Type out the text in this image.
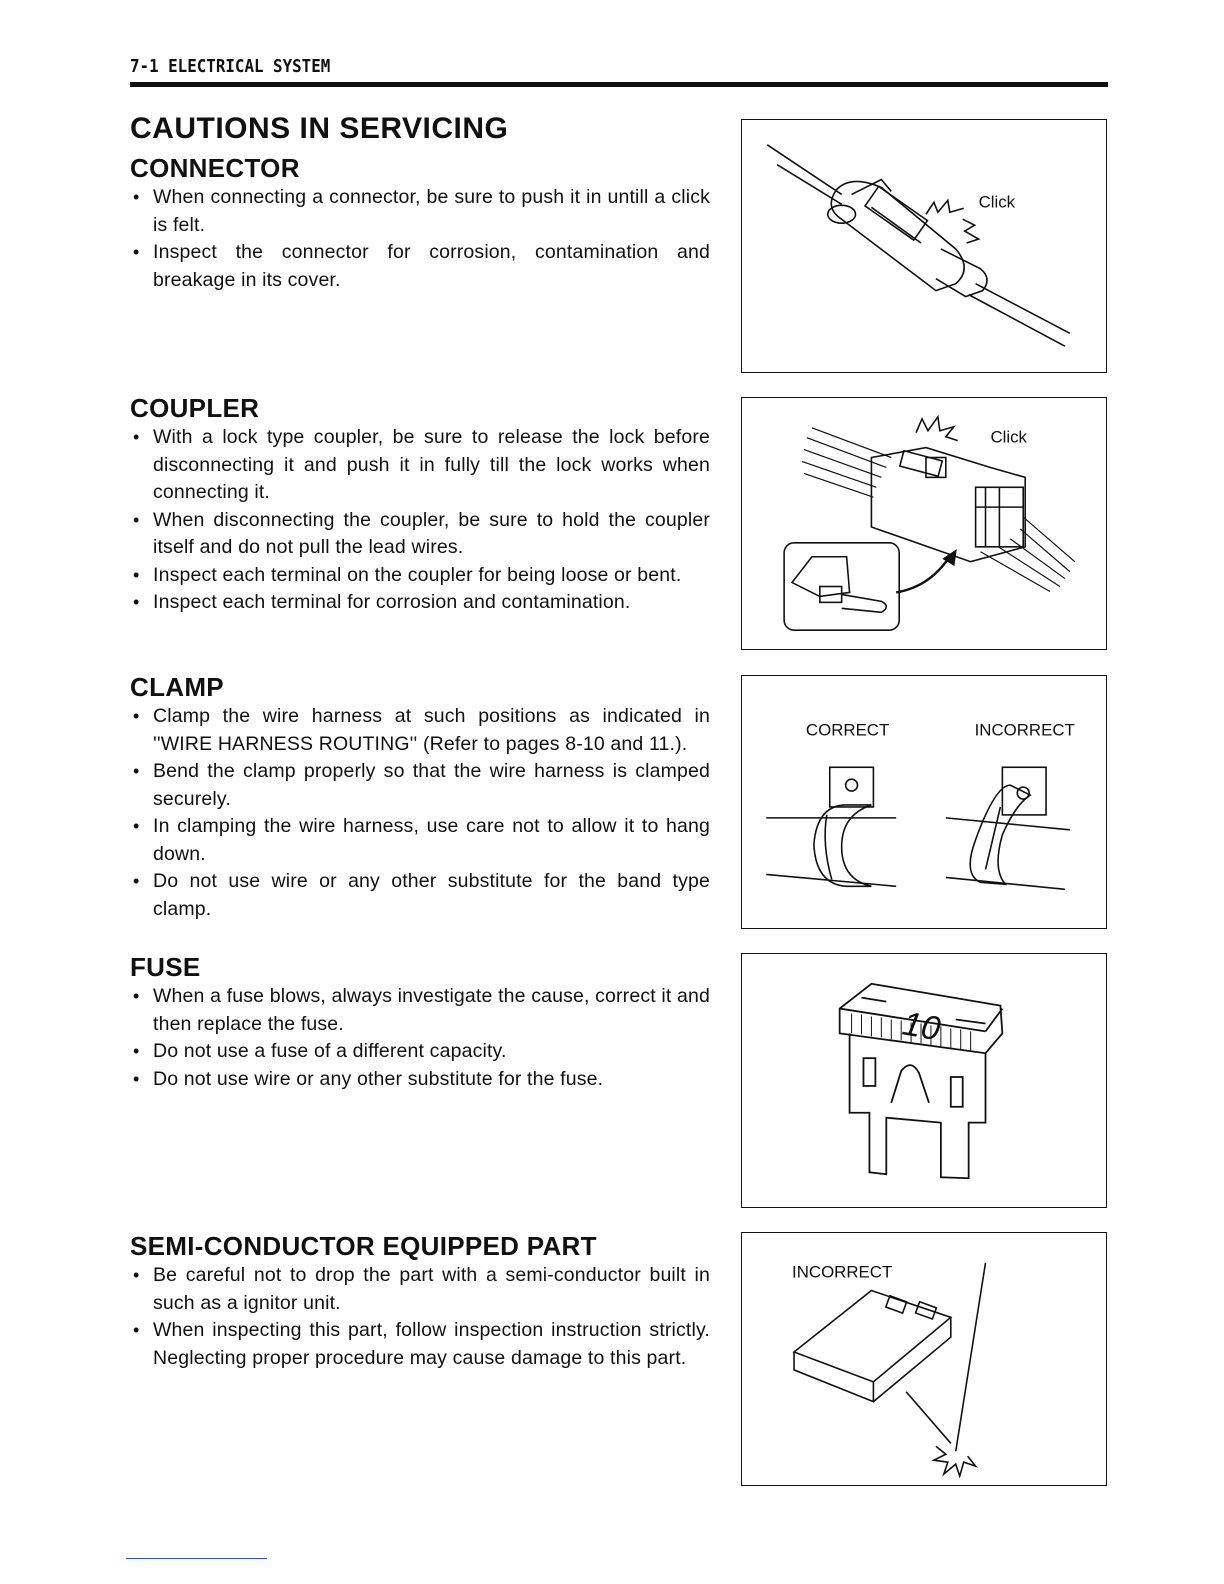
7-1 ELECTRICAL SYSTEM
CAUTIONS IN SERVICING
CONNECTOR
• When connecting a connector, be sure to push it in untill a click is felt.
• Inspect the connector for corrosion, contamination and breakage in its cover.
COUPLER
• With a lock type coupler, be sure to release the lock before disconnecting it and push it in fully till the lock works when connecting it.
• When disconnecting the coupler, be sure to hold the coupler itself and do not pull the lead wires.
• Inspect each terminal on the coupler for being loose or bent.
• Inspect each terminal for corrosion and contamination.
CLAMP
• Clamp the wire harness at such positions as indicated in ''WIRE HARNESS ROUTING'' (Refer to pages 8-10 and 11.).
• Bend the clamp properly so that the wire harness is clamped securely.
• In clamping the wire harness, use care not to allow it to hang down.
• Do not use wire or any other substitute for the band type clamp.
FUSE
• When a fuse blows, always investigate the cause, correct it and then replace the fuse.
• Do not use a fuse of a different capacity.
• Do not use wire or any other substitute for the fuse.
SEMI-CONDUCTOR EQUIPPED PART
• Be careful not to drop the part with a semi-conductor built in such as a ignitor unit.
• When inspecting this part, follow inspection instruction strictly. Neglecting proper procedure may cause damage to this part.
Click
Click
CORRECT	INCORRECT
10
INCORRECT
